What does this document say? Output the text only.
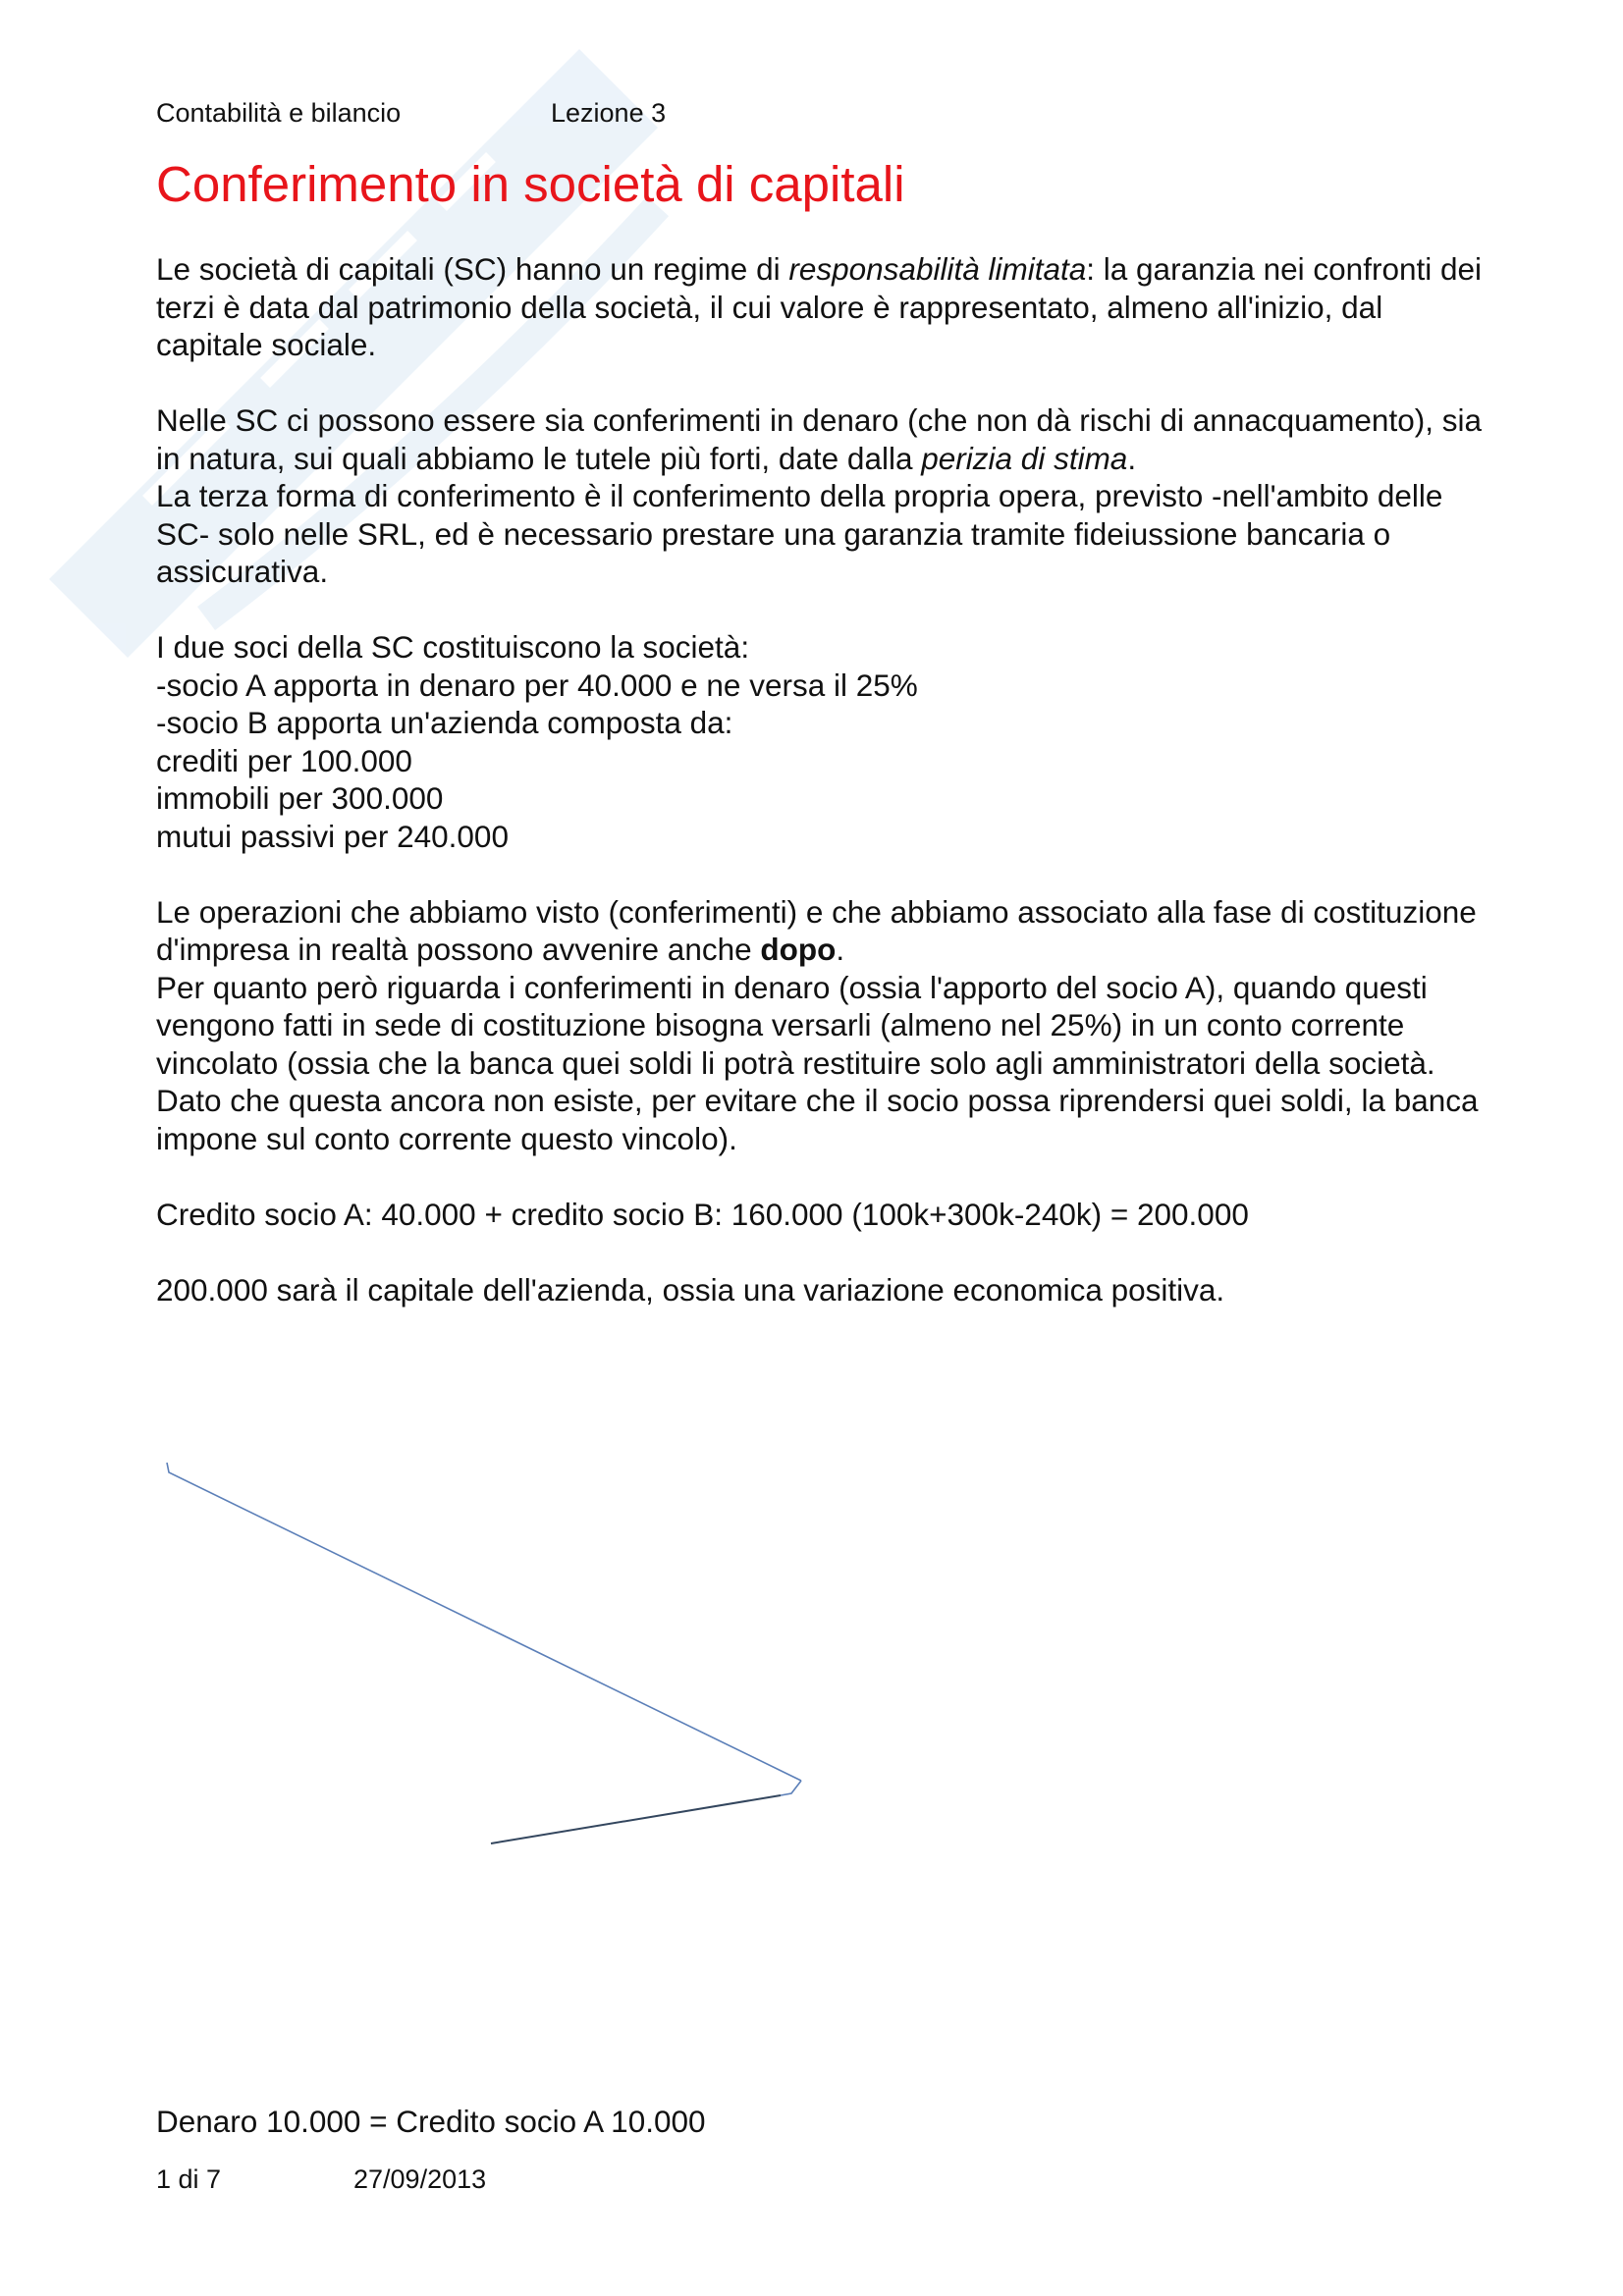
Contabilità e bilancio	Lezione 3
Conferimento in società di capitali

Le società di capitali (SC) hanno un regime di responsabilità limitata: la garanzia nei confronti dei terzi è data dal patrimonio della società, il cui valore è rappresentato, almeno all'inizio, dal capitale sociale.

Nelle SC ci possono essere sia conferimenti in denaro (che non dà rischi di annacquamento), sia in natura, sui quali abbiamo le tutele più forti, date dalla perizia di stima.

La terza forma di conferimento è il conferimento della propria opera, previsto -nell'ambito delle SC- solo nelle SRL, ed è necessario prestare una garanzia tramite fideiussione bancaria o assicurativa.

I due soci della SC costituiscono la società:
-socio A apporta in denaro per 40.000 e ne versa il 25%
-socio B apporta un'azienda composta da:
crediti per 100.000
immobili per 300.000
mutui passivi per 240.000

Le operazioni che abbiamo visto (conferimenti) e che abbiamo associato alla fase di costituzione d'impresa in realtà possono avvenire anche dopo.

Per quanto però riguarda i conferimenti in denaro (ossia l'apporto del socio A), quando questi vengono fatti in sede di costituzione bisogna versarli (almeno nel 25%) in un conto corrente vincolato (ossia che la banca quei soldi li potrà restituire solo agli amministratori della società. Dato che questa ancora non esiste, per evitare che il socio possa riprendersi quei soldi, la banca impone sul conto corrente questo vincolo).

Credito socio A: 40.000 + credito socio B: 160.000 (100k+300k-240k) = 200.000

200.000 sarà il capitale dell'azienda, ossia una variazione economica positiva.

Denaro 10.000 = Credito socio A 10.000
1 di 7	27/09/2013
